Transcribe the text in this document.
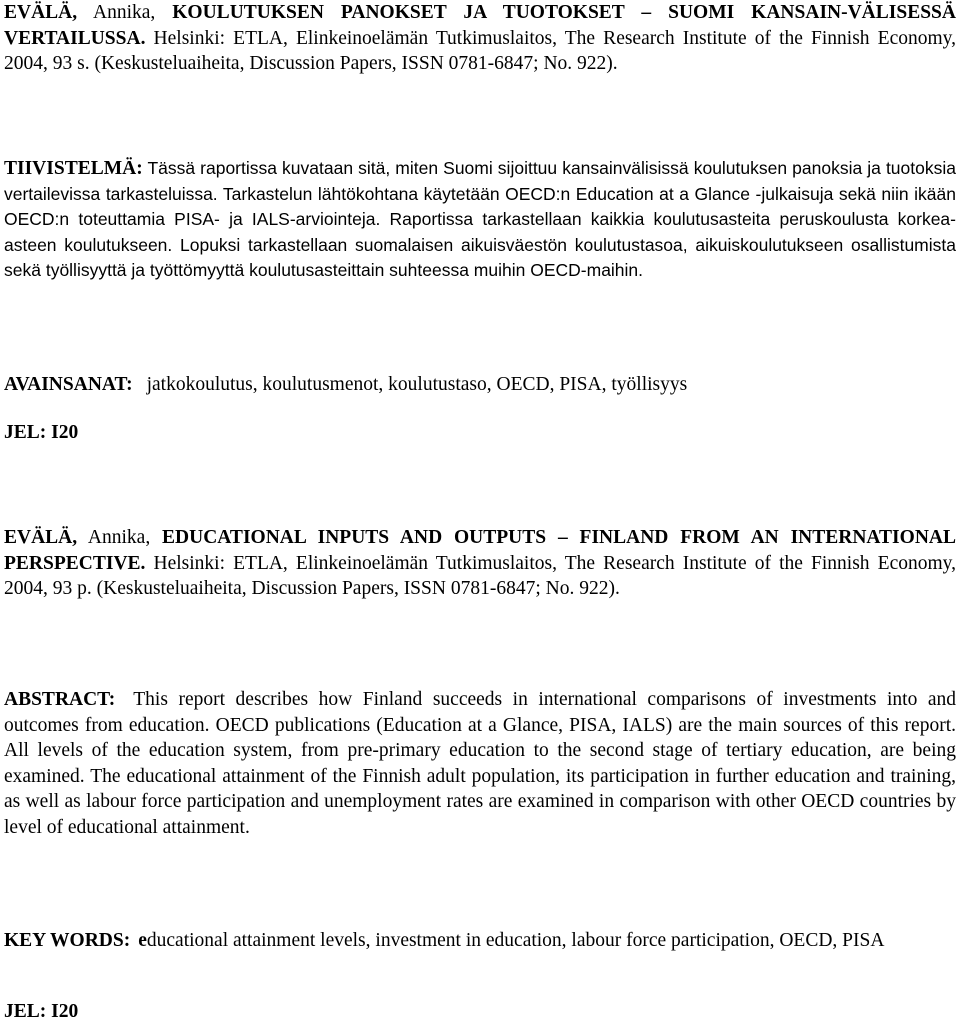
EVÄLÄ, Annika, KOULUTUKSEN PANOKSET JA TUOTOKSET – SUOMI KANSAIN-VÄLISESSÄ VERTAILUSSA. Helsinki: ETLA, Elinkeinoelämän Tutkimuslaitos, The Research Institute of the Finnish Economy, 2004, 93 s. (Keskusteluaiheita, Discussion Papers, ISSN 0781-6847; No. 922).

TIIVISTELMÄ: Tässä raportissa kuvataan sitä, miten Suomi sijoittuu kansainvälisissä koulutuksen panoksia ja tuotoksia vertailevissa tarkasteluissa. Tarkastelun lähtökohtana käytetään OECD:n Education at a Glance -julkaisuja sekä niin ikään OECD:n toteuttamia PISA- ja IALS-arviointeja. Raportissa tarkastellaan kaikkia koulutusasteita peruskoulusta korkea-asteen koulutukseen. Lopuksi tarkastellaan suomalaisen aikuisväestön koulutustasoa, aikuiskoulutukseen osallistumista sekä työllisyyttä ja työttömyyttä koulutusasteittain suhteessa muihin OECD-maihin.

AVAINSANAT: jatkokoulutus, koulutusmenot, koulutustaso, OECD, PISA, työllisyys

JEL: I20

EVÄLÄ, Annika, EDUCATIONAL INPUTS AND OUTPUTS – FINLAND FROM AN INTERNATIONAL PERSPECTIVE. Helsinki: ETLA, Elinkeinoelämän Tutkimuslaitos, The Research Institute of the Finnish Economy, 2004, 93 p. (Keskusteluaiheita, Discussion Papers, ISSN 0781-6847; No. 922).

ABSTRACT: This report describes how Finland succeeds in international comparisons of investments into and outcomes from education. OECD publications (Education at a Glance, PISA, IALS) are the main sources of this report. All levels of the education system, from pre-primary education to the second stage of tertiary education, are being examined. The educational attainment of the Finnish adult population, its participation in further education and training, as well as labour force participation and unemployment rates are examined in comparison with other OECD countries by level of educational attainment.

KEY WORDS: educational attainment levels, investment in education, labour force participation, OECD, PISA

JEL: I20
